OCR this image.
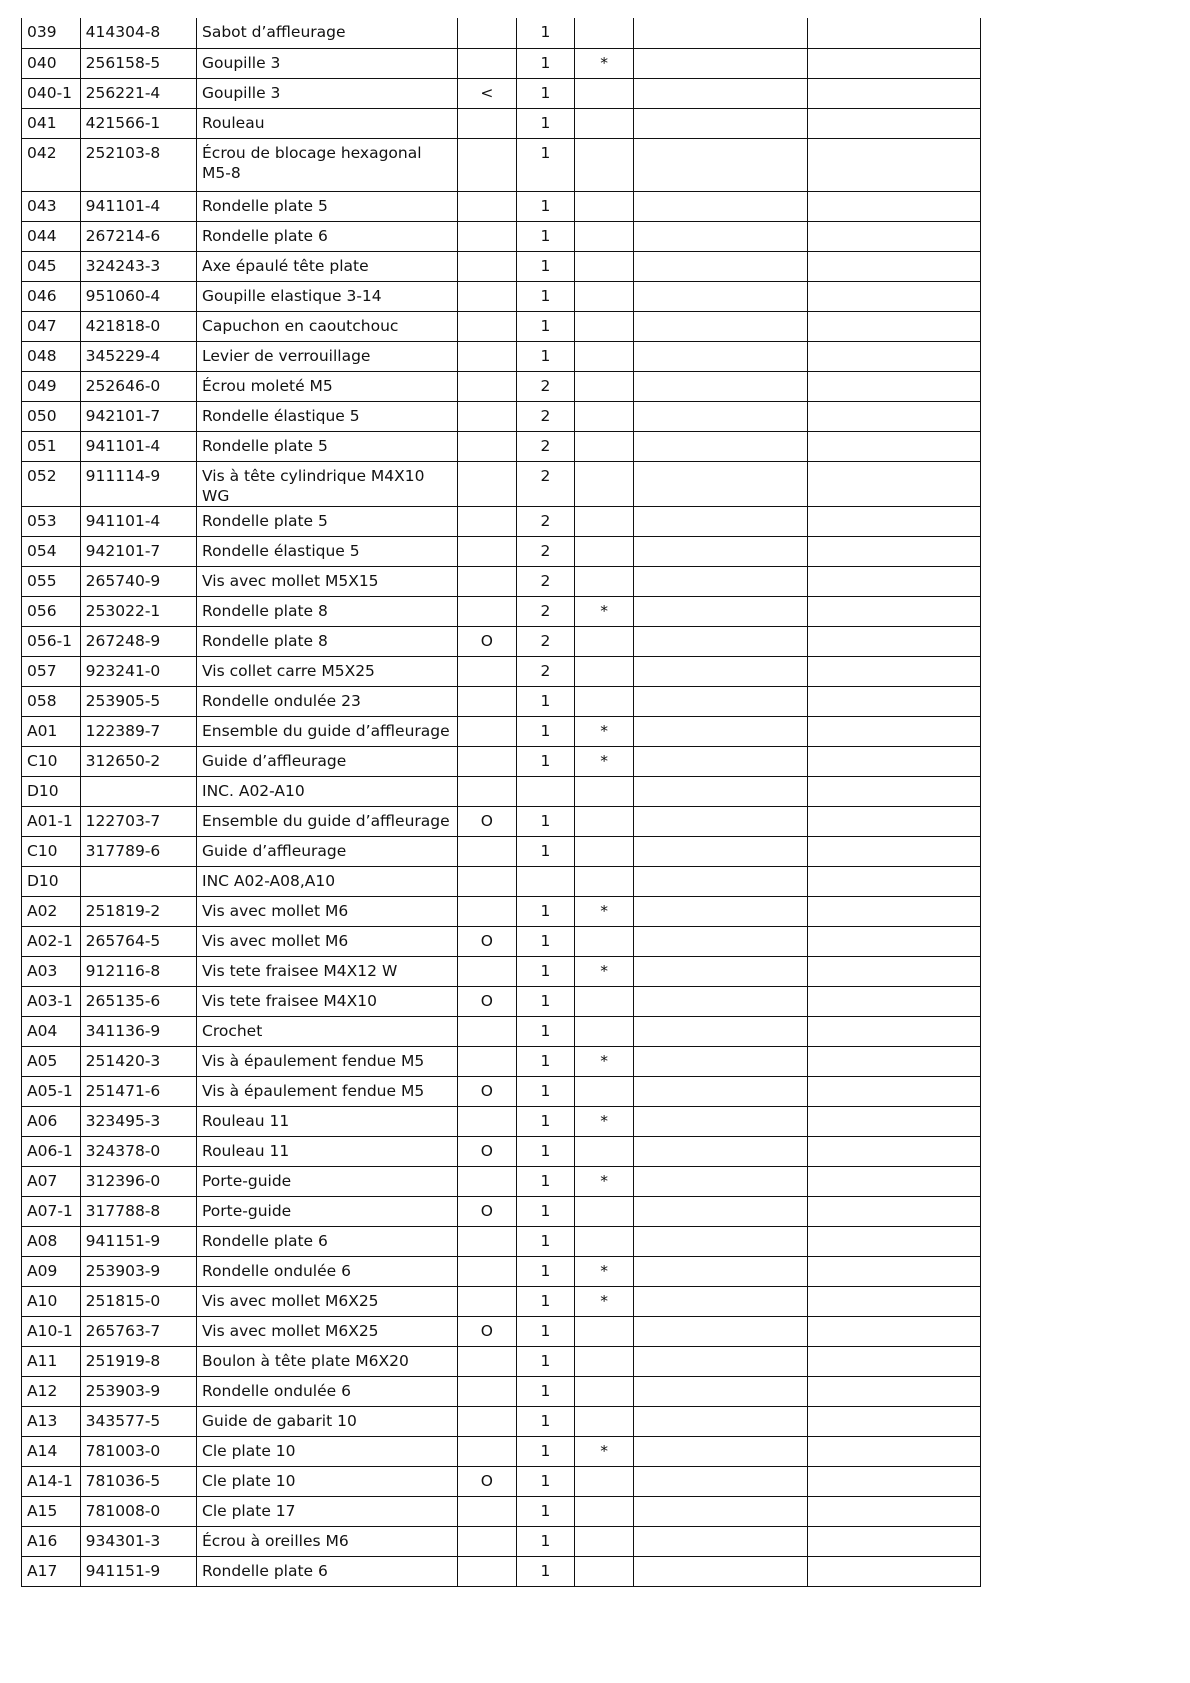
039	414304-8	Sabot d’affleurage		1			
040	256158-5	Goupille 3		1	*		
040-1	256221-4	Goupille 3	<	1			
041	421566-1	Rouleau		1			
042	252103-8	Écrou de blocage hexagonal M5-8		1			
043	941101-4	Rondelle plate 5		1			
044	267214-6	Rondelle plate 6		1			
045	324243-3	Axe épaulé tête plate		1			
046	951060-4	Goupille elastique 3-14		1			
047	421818-0	Capuchon en caoutchouc		1			
048	345229-4	Levier de verrouillage		1			
049	252646-0	Écrou moleté M5		2			
050	942101-7	Rondelle élastique 5		2			
051	941101-4	Rondelle plate 5		2			
052	911114-9	Vis à tête cylindrique M4X10 WG		2			
053	941101-4	Rondelle plate 5		2			
054	942101-7	Rondelle élastique 5		2			
055	265740-9	Vis avec mollet M5X15		2			
056	253022-1	Rondelle plate 8		2	*		
056-1	267248-9	Rondelle plate 8	O	2			
057	923241-0	Vis collet carre M5X25		2			
058	253905-5	Rondelle ondulée 23		1			
A01	122389-7	Ensemble du guide d’affleurage		1	*		
C10	312650-2	Guide d’affleurage		1	*		
D10		INC. A02-A10					
A01-1	122703-7	Ensemble du guide d’affleurage	O	1			
C10	317789-6	Guide d’affleurage		1			
D10		INC A02-A08,A10					
A02	251819-2	Vis avec mollet M6		1	*		
A02-1	265764-5	Vis avec mollet M6	O	1			
A03	912116-8	Vis tete fraisee M4X12 W		1	*		
A03-1	265135-6	Vis tete fraisee M4X10	O	1			
A04	341136-9	Crochet		1			
A05	251420-3	Vis à épaulement fendue M5		1	*		
A05-1	251471-6	Vis à épaulement fendue M5	O	1			
A06	323495-3	Rouleau 11		1	*		
A06-1	324378-0	Rouleau 11	O	1			
A07	312396-0	Porte-guide		1	*		
A07-1	317788-8	Porte-guide	O	1			
A08	941151-9	Rondelle plate 6		1			
A09	253903-9	Rondelle ondulée 6		1	*		
A10	251815-0	Vis avec mollet M6X25		1	*		
A10-1	265763-7	Vis avec mollet M6X25	O	1			
A11	251919-8	Boulon à tête plate M6X20		1			
A12	253903-9	Rondelle ondulée 6		1			
A13	343577-5	Guide de gabarit 10		1			
A14	781003-0	Cle plate 10		1	*		
A14-1	781036-5	Cle plate 10	O	1			
A15	781008-0	Cle plate 17		1			
A16	934301-3	Écrou à oreilles M6		1			
A17	941151-9	Rondelle plate 6		1			
